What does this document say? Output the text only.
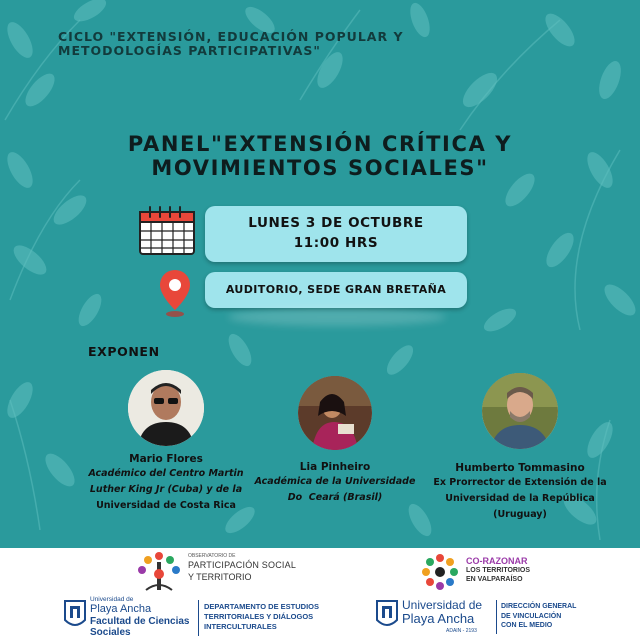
CICLO "EXTENSIÓN, EDUCACIÓN POPULAR Y METODOLOGÍAS PARTICIPATIVAS"
PANEL"EXTENSIÓN CRÍTICA Y
MOVIMIENTOS SOCIALES"
LUNES 3 DE OCTUBRE
11:00 HRS
AUDITORIO, SEDE GRAN BRETAÑA
EXPONEN
Mario Flores
Académico del Centro Martin
Luther King Jr (Cuba) y de la
Universidad de Costa Rica
Lia Pinheiro
Académica de la Universidade
Do  Ceará (Brasil)
Humberto Tommasino
Ex Prorrector de Extensión de la
Universidad de la República
(Uruguay)
OBSERVATORIO DE
PARTICIPACIÓN SOCIAL
Y TERRITORIO
Universidad de
Playa Ancha
Facultad de Ciencias
Sociales
DEPARTAMENTO DE ESTUDIOS
TERRITORIALES Y DIÁLOGOS
INTERCULTURALES
CO-RAZONAR
LOS TERRITORIOS
EN VALPARAÍSO
Universidad de
Playa Ancha
ADAIN - 2193
DIRECCIÓN GENERAL
DE VINCULACIÓN
CON EL MEDIO
